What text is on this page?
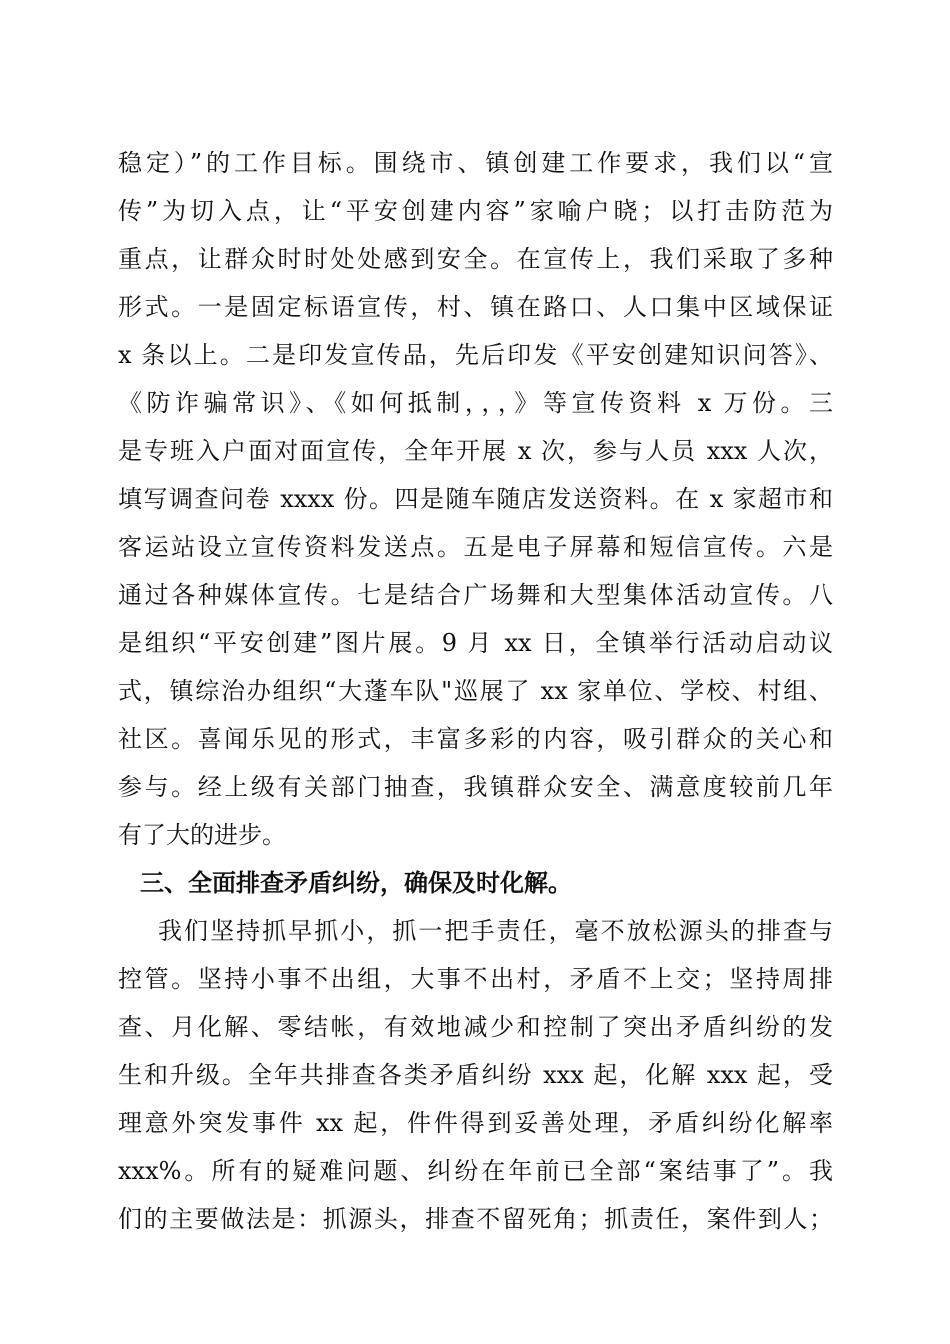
稳定）”的工作目标。围绕市、镇创建工作要求，我们以“宣
传”为切入点，让“平安创建内容”家喻户晓；以打击防范为
重点，让群众时时处处感到安全。在宣传上，我们采取了多种
形式。一是固定标语宣传，村、镇在路口、人口集中区域保证
x 条以上。二是印发宣传品，先后印发《平安创建知识问答》、
《防诈骗常识》、《如何抵制，，，》等宣传资料 x 万份。三
是专班入户面对面宣传，全年开展 x 次，参与人员 xxx 人次，
填写调查问卷 xxxx 份。四是随车随店发送资料。在 x 家超市和
客运站设立宣传资料发送点。五是电子屏幕和短信宣传。六是
通过各种媒体宣传。七是结合广场舞和大型集体活动宣传。八
是组织“平安创建”图片展。9 月 xx 日，全镇举行活动启动议
式，镇综治办组织“大蓬车队"巡展了 xx 家单位、学校、村组、
社区。喜闻乐见的形式，丰富多彩的内容，吸引群众的关心和
参与。经上级有关部门抽查，我镇群众安全、满意度较前几年
有了大的进步。
三、全面排查矛盾纠纷，确保及时化解。
我们坚持抓早抓小，抓一把手责任，毫不放松源头的排查与
控管。坚持小事不出组，大事不出村，矛盾不上交；坚持周排
查、月化解、零结帐，有效地减少和控制了突出矛盾纠纷的发
生和升级。全年共排查各类矛盾纠纷 xxx 起，化解 xxx 起，受
理意外突发事件 xx 起，件件得到妥善处理，矛盾纠纷化解率
xxx%。所有的疑难问题、纠纷在年前已全部“案结事了”。我
们的主要做法是：抓源头，排查不留死角；抓责任，案件到人；
